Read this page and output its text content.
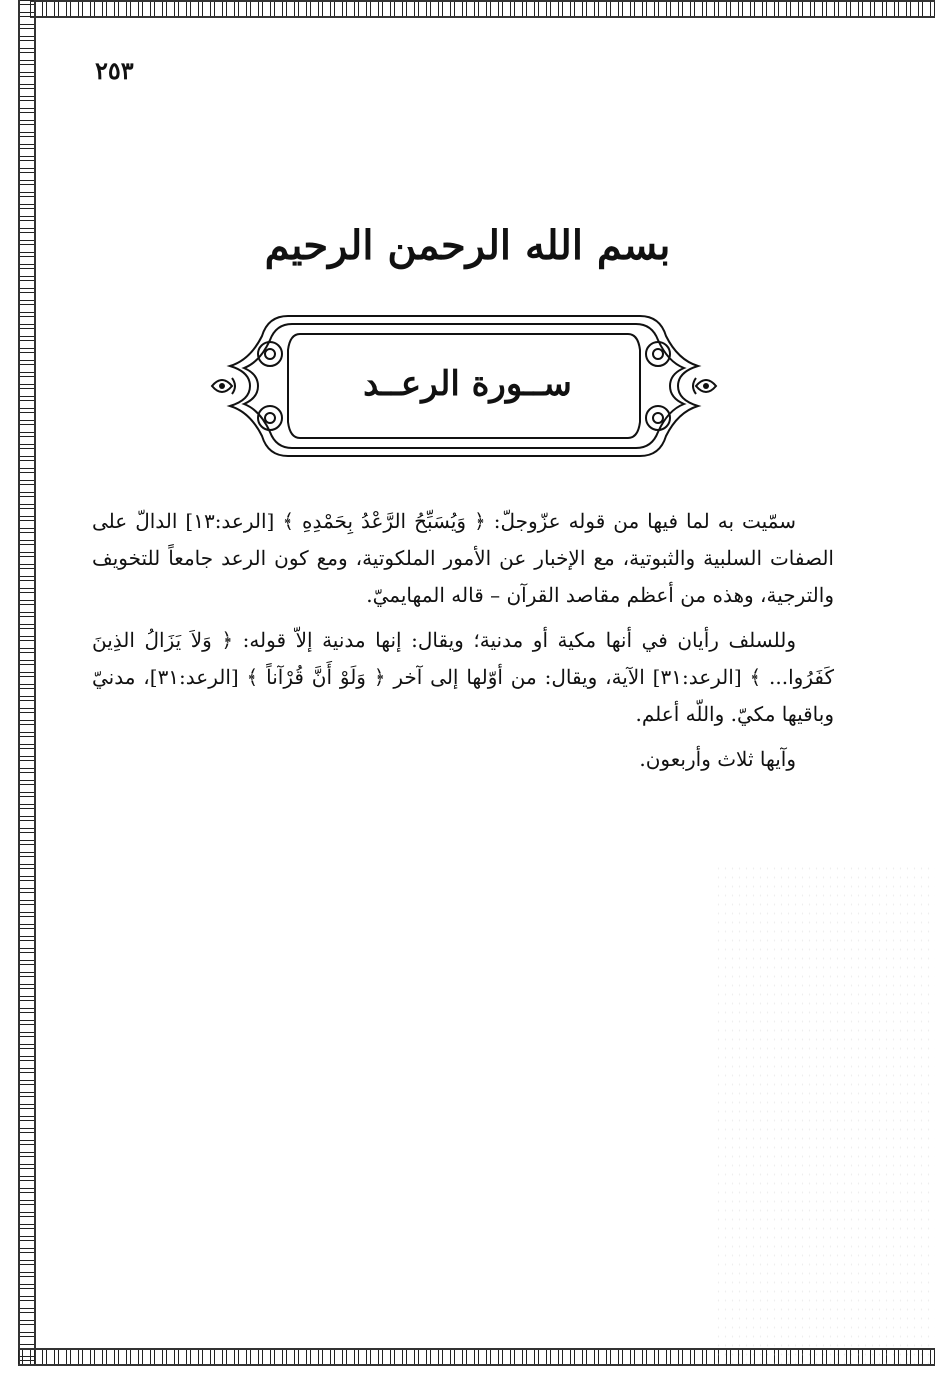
٢٥٣
بسم الله الرحمن الرحيم
ســورة الرعــد

سمّيت به لما فيها من قوله عزّوجلّ: ﴿ وَيُسَبِّحُ الرَّعْدُ بِحَمْدِهِ ﴾ [الرعد:١٣] الدالّ على الصفات السلبية والثبوتية، مع الإخبار عن الأمور الملكوتية، ومع كون الرعد جامعاً للتخويف والترجية، وهذه من أعظم مقاصد القرآن – قاله المهايميّ.

وللسلف رأيان في أنها مكية أو مدنية؛ ويقال: إنها مدنية إلاّ قوله: ﴿ وَلاَ يَزَالُ الذِينَ كَفَرُوا... ﴾ [الرعد:٣١] الآية، ويقال: من أوّلها إلى آخر ﴿ وَلَوْ أَنَّ قُرْآناً ﴾ [الرعد:٣١]، مدنيّ وباقيها مكيّ. واللّه أعلم.

وآيها ثلاث وأربعون.
